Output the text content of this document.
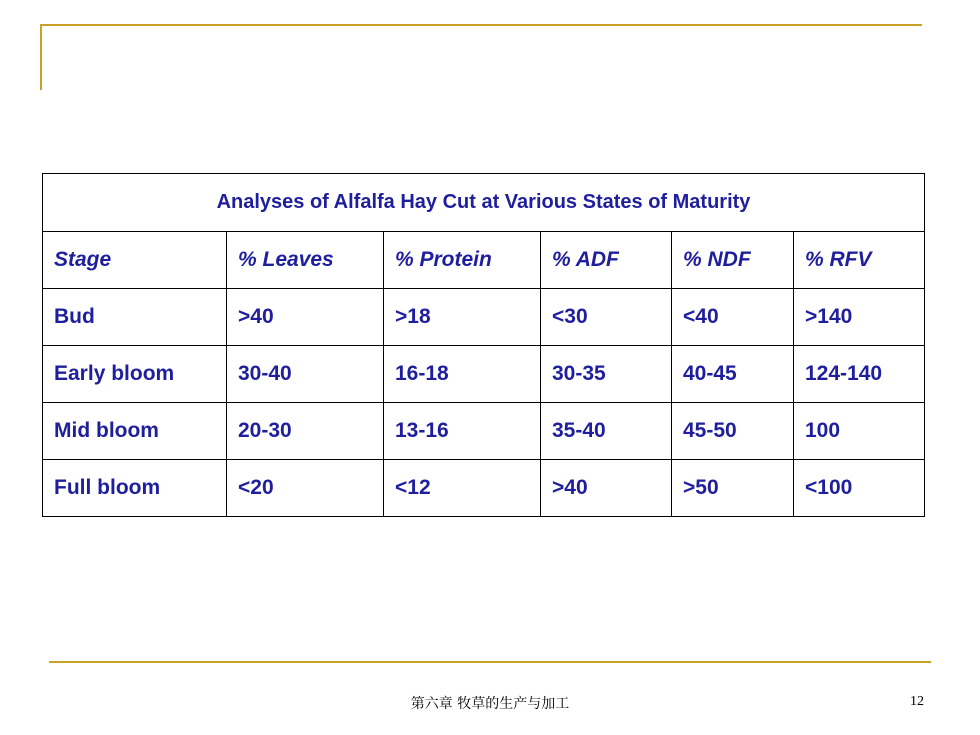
Analyses of Alfalfa Hay Cut at Various States of Maturity					
Stage	% Leaves	% Protein	% ADF	% NDF	% RFV
Bud	>40	>18	<30	<40	>140
Early bloom	30-40	16-18	30-35	40-45	124-140
Mid bloom	20-30	13-16	35-40	45-50	100
Full bloom	<20	<12	>40	>50	<100
第六章 牧草的生产与加工	12
